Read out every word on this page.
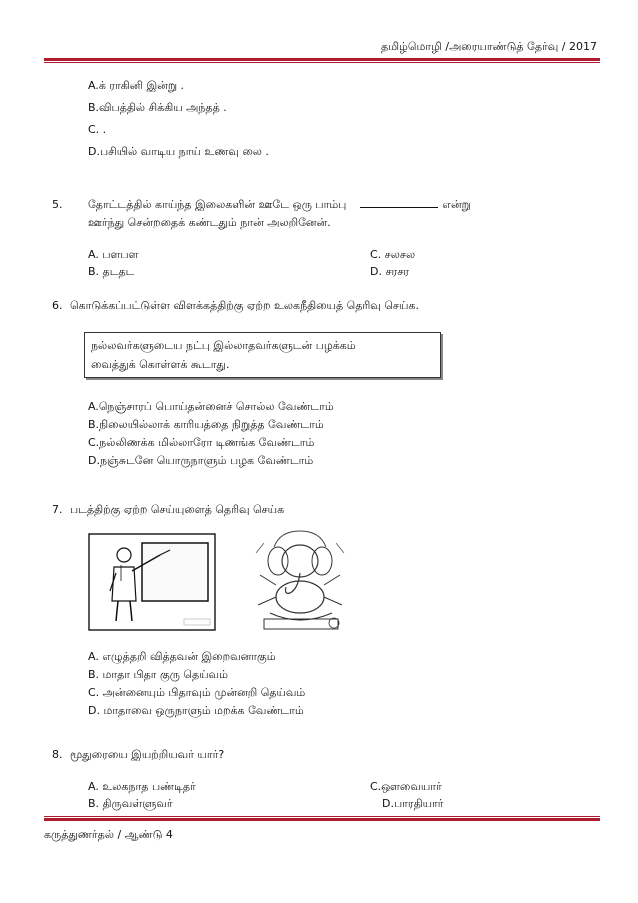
தமிழ்மொழி /அரையாண்டுத் தேர்வு / 2017
A.க் ராகினி இன்று .
B.விபத்தில் சிக்கிய அந்தத் .
C. .
D.பசியில் வாடிய நாய் உணவு லை .
5. தோட்டத்தில் காய்ந்த இலைகளின் ஊடே ஒரு பாம்பு	என்று
ஊர்ந்து சென்றதைக் கண்டதும் நான் அலறினேன்.
A. பளபள	C. சலசல
B. தடதட	D. சரசர
6. கொடுக்கப்பட்டுள்ள விளக்கத்திற்கு ஏற்ற உலகநீதியைத் தெரிவு செய்க.
நல்லவர்களுடைய நட்பு இல்லாதவர்களுடன் பழக்கம்
வைத்துக் கொள்ளக் கூடாது.
A.நெஞ்சாரப் பொய்தன்னைச் சொல்ல வேண்டாம்
B.நிலையில்லாக் காரியத்தை நிறுத்த வேண்டாம்
C.நல்லிணக்க மில்லாரோ டிணங்க வேண்டாம்
D.நஞ்சுடனே யொருநாளும் பழக வேண்டாம்
7. படத்திற்கு ஏற்ற செய்யுளைத் தெரிவு செய்க
A. எழுத்தறி வித்தவன் இறைவனாகும்
B. மாதா பிதா குரு தெய்வம்
C. அன்னையும் பிதாவும் முன்னறி தெய்வம்
D. மாதாவை ஒருநாளும் மறக்க வேண்டாம்
8. மூதுரையை இயற்றியவர் யார்?
A. உலகநாத பண்டிதர்	C.ஔவையார்
B. திருவள்ளுவர்	D.பாரதியார்
கருத்துணர்தல் / ஆண்டு 4
